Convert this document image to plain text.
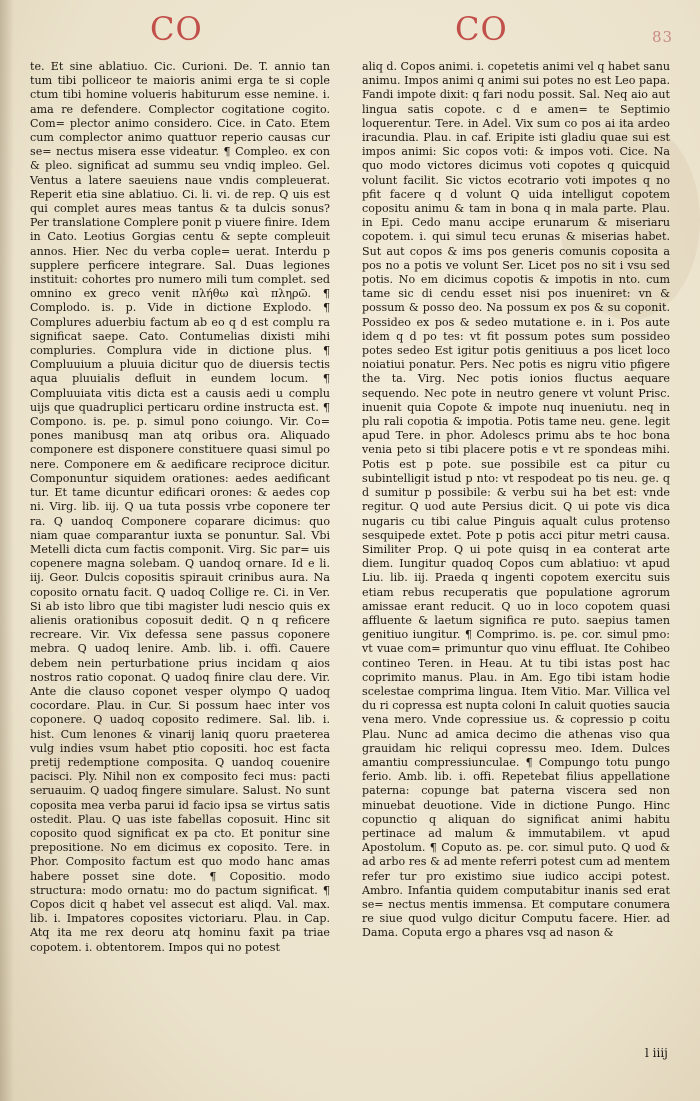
CO	CO	83

te. Et sine ablatiuo. Cic. Curioni. De. T. annio tan tum tibi polliceor te maioris animi erga te si cople ctum tibi homine volueris habiturum esse nemine. i. ama re defendere. Complector cogitatione cogito. Com= plector animo considero. Cice. in Cato. Etem cum complector animo quattuor reperio causas cur se= nectus misera esse videatur. ¶ Compleo. ex con & pleo. significat ad summu seu vndiq impleo. Gel. Ventus a latere saeuiens naue vndis compleuerat. Reperit etia sine ablatiuo. Ci. li. vi. de rep. Q uis est qui complet aures meas tantus & ta dulcis sonus? Per translatione Complere ponit p viuere finire. Idem in Cato. Leotius Gorgias centu & septe compleuit annos. Hier. Nec du verba cople= uerat. Interdu p supplere perficere integrare. Sal. Duas legiones instituit: cohortes pro numero mili tum complet. sed omnino ex greco venit πλήθω καὶ πληρῶ. ¶ Complodo. is. p. Vide in dictione Explodo. ¶ Complures aduerbiu factum ab eo q d est complu ra significat saepe. Cato. Contumelias dixisti mihi compluries. Complura vide in dictione plus. ¶ Compluuium a pluuia dicitur quo de diuersis tectis aqua pluuialis defluit in eundem locum. ¶ Compluuiata vitis dicta est a causis aedi u complu uijs que quadruplici perticaru ordine instructa est. ¶ Compono. is. pe. p. simul pono coiungo. Vir. Co= pones manibusq man atq oribus ora. Aliquado componere est disponere constituere quasi simul po nere. Componere em & aedificare reciproce dicitur. Componuntur siquidem orationes: aedes aedificant tur. Et tame dicuntur edificari orones: & aedes cop ni. Virg. lib. iij. Q ua tuta possis vrbe coponere ter ra. Q uandoq Componere coparare dicimus: quo niam quae comparantur iuxta se ponuntur. Sal. Vbi Metelli dicta cum factis componit. Virg. Sic par= uis copenere magna solebam. Q uandoq ornare. Id e li. iij. Geor. Dulcis copositis spirauit crinibus aura. Na coposito ornatu facit. Q uadoq Collige re. Ci. in Ver. Si ab isto libro que tibi magister ludi nescio quis ex alienis orationibus coposuit dedit. Q n q reficere recreare. Vir. Vix defessa sene passus coponere mebra. Q uadoq lenire. Amb. lib. i. offi. Cauere debem nein perturbatione prius incidam q aios nostros ratio coponat. Q uadoq finire clau dere. Vir. Ante die clauso coponet vesper olympo Q uadoq cocordare. Plau. in Cur. Si possum haec inter vos coponere. Q uadoq coposito redimere. Sal. lib. i. hist. Cum lenones & vinarij laniq quoru praeterea vulg indies vsum habet ptio copositi. hoc est facta pretij redemptione composita. Q uandoq couenire pacisci. Ply. Nihil non ex composito feci mus: pacti seruauim. Q uadoq fingere simulare. Salust. No sunt coposita mea verba parui id facio ipsa se virtus satis ostedit. Plau. Q uas iste fabellas coposuit. Hinc sit coposito quod significat ex pa cto. Et ponitur sine prepositione. No em dicimus ex coposito. Tere. in Phor. Composito factum est quo modo hanc amas habere posset sine dote. ¶ Copositio. modo structura: modo ornatu: mo do pactum significat. ¶ Copos dicit q habet vel assecut est aliqd. Val. max. lib. i. Impatores coposites victoriaru. Plau. in Cap. Atq ita me rex deoru atq hominu faxit pa triae copotem. i. obtentorem. Impos qui no potest

aliq d. Copos animi. i. copetetis animi vel q habet sanu animu. Impos animi q animi sui potes no est Leo papa. Fandi impote dixit: q fari nodu possit. Sal. Neq aio aut lingua satis copote. c d e amen= te Septimio loquerentur. Tere. in Adel. Vix sum co pos ai ita ardeo iracundia. Plau. in caf. Eripite isti gladiu quae sui est impos animi: Sic copos voti: & impos voti. Cice. Na quo modo victores dicimus voti copotes q quicquid volunt facilit. Sic victos ecotrario voti impotes q no pfit facere q d volunt Q uida intelligut copotem copositu animu & tam in bona q in mala parte. Plau. in Epi. Cedo manu accipe erunarum & miseriaru copotem. i. qui simul tecu erunas & miserias habet. Sut aut copos & ims pos generis comunis coposita a pos no a potis ve volunt Ser. Licet pos no sit i vsu sed potis. No em dicimus copotis & impotis in nto. cum tame sic di cendu esset nisi pos inueniret: vn & possum & posso deo. Na possum ex pos & su coponit. Possideo ex pos & sedeo mutatione e. in i. Pos aute idem q d po tes: vt fit possum potes sum possideo potes sedeo Est igitur potis genitiuus a pos licet loco noiatiui ponatur. Pers. Nec potis es nigru vitio pfigere the ta. Virg. Nec potis ionios fluctus aequare sequendo. Nec pote in neutro genere vt volunt Prisc. inuenit quia Copote & impote nuq inueniutu. neq in plu rali copotia & impotia. Potis tame neu. gene. legit apud Tere. in phor. Adolescs primu abs te hoc bona venia peto si tibi placere potis e vt re spondeas mihi. Potis est p pote. sue possibile est ca pitur cu subintelligit istud p nto: vt respodeat po tis neu. ge. q d sumitur p possibile: & verbu sui ha bet est: vnde regitur. Q uod aute Persius dicit. Q ui pote vis dica nugaris cu tibi calue Pinguis aqualt culus protenso sesquipede extet. Pote p potis acci pitur metri causa. Similiter Prop. Q ui pote quisq in ea conterat arte diem. Iungitur quadoq Copos cum ablatiuo: vt apud Liu. lib. iij. Praeda q ingenti copotem exercitu suis etiam rebus recuperatis que populatione agrorum amissae erant reducit. Q uo in loco copotem quasi affluente & laetum significa re puto. saepius tamen genitiuo iungitur. ¶ Comprimo. is. pe. cor. simul pmo: vt vuae com= primuntur quo vinu effluat. Ite Cohibeo contineo Teren. in Heau. At tu tibi istas post hac coprimito manus. Plau. in Am. Ego tibi istam hodie scelestae comprima lingua. Item Vitio. Mar. Villica vel du ri copressa est nupta coloni In caluit quoties saucia vena mero. Vnde copressiue us. & copressio p coitu Plau. Nunc ad amica decimo die athenas viso qua grauidam hic reliqui copressu meo. Idem. Dulces amantiu compressiunculae. ¶ Compungo totu pungo ferio. Amb. lib. i. offi. Repetebat filius appellatione paterna: copunge bat paterna viscera sed non minuebat deuotione. Vide in dictione Pungo. Hinc copunctio q aliquan do significat animi habitu pertinace ad malum & immutabilem. vt apud Apostolum. ¶ Coputo as. pe. cor. simul puto. Q uod & ad arbo res & ad mente referri potest cum ad mentem refer tur pro existimo siue iudico accipi potest. Ambro. Infantia quidem computabitur inanis sed erat se= nectus mentis immensa. Et computare conumera re siue quod vulgo dicitur Computu facere. Hier. ad Dama. Coputa ergo a phares vsq ad nason &

l iiij
